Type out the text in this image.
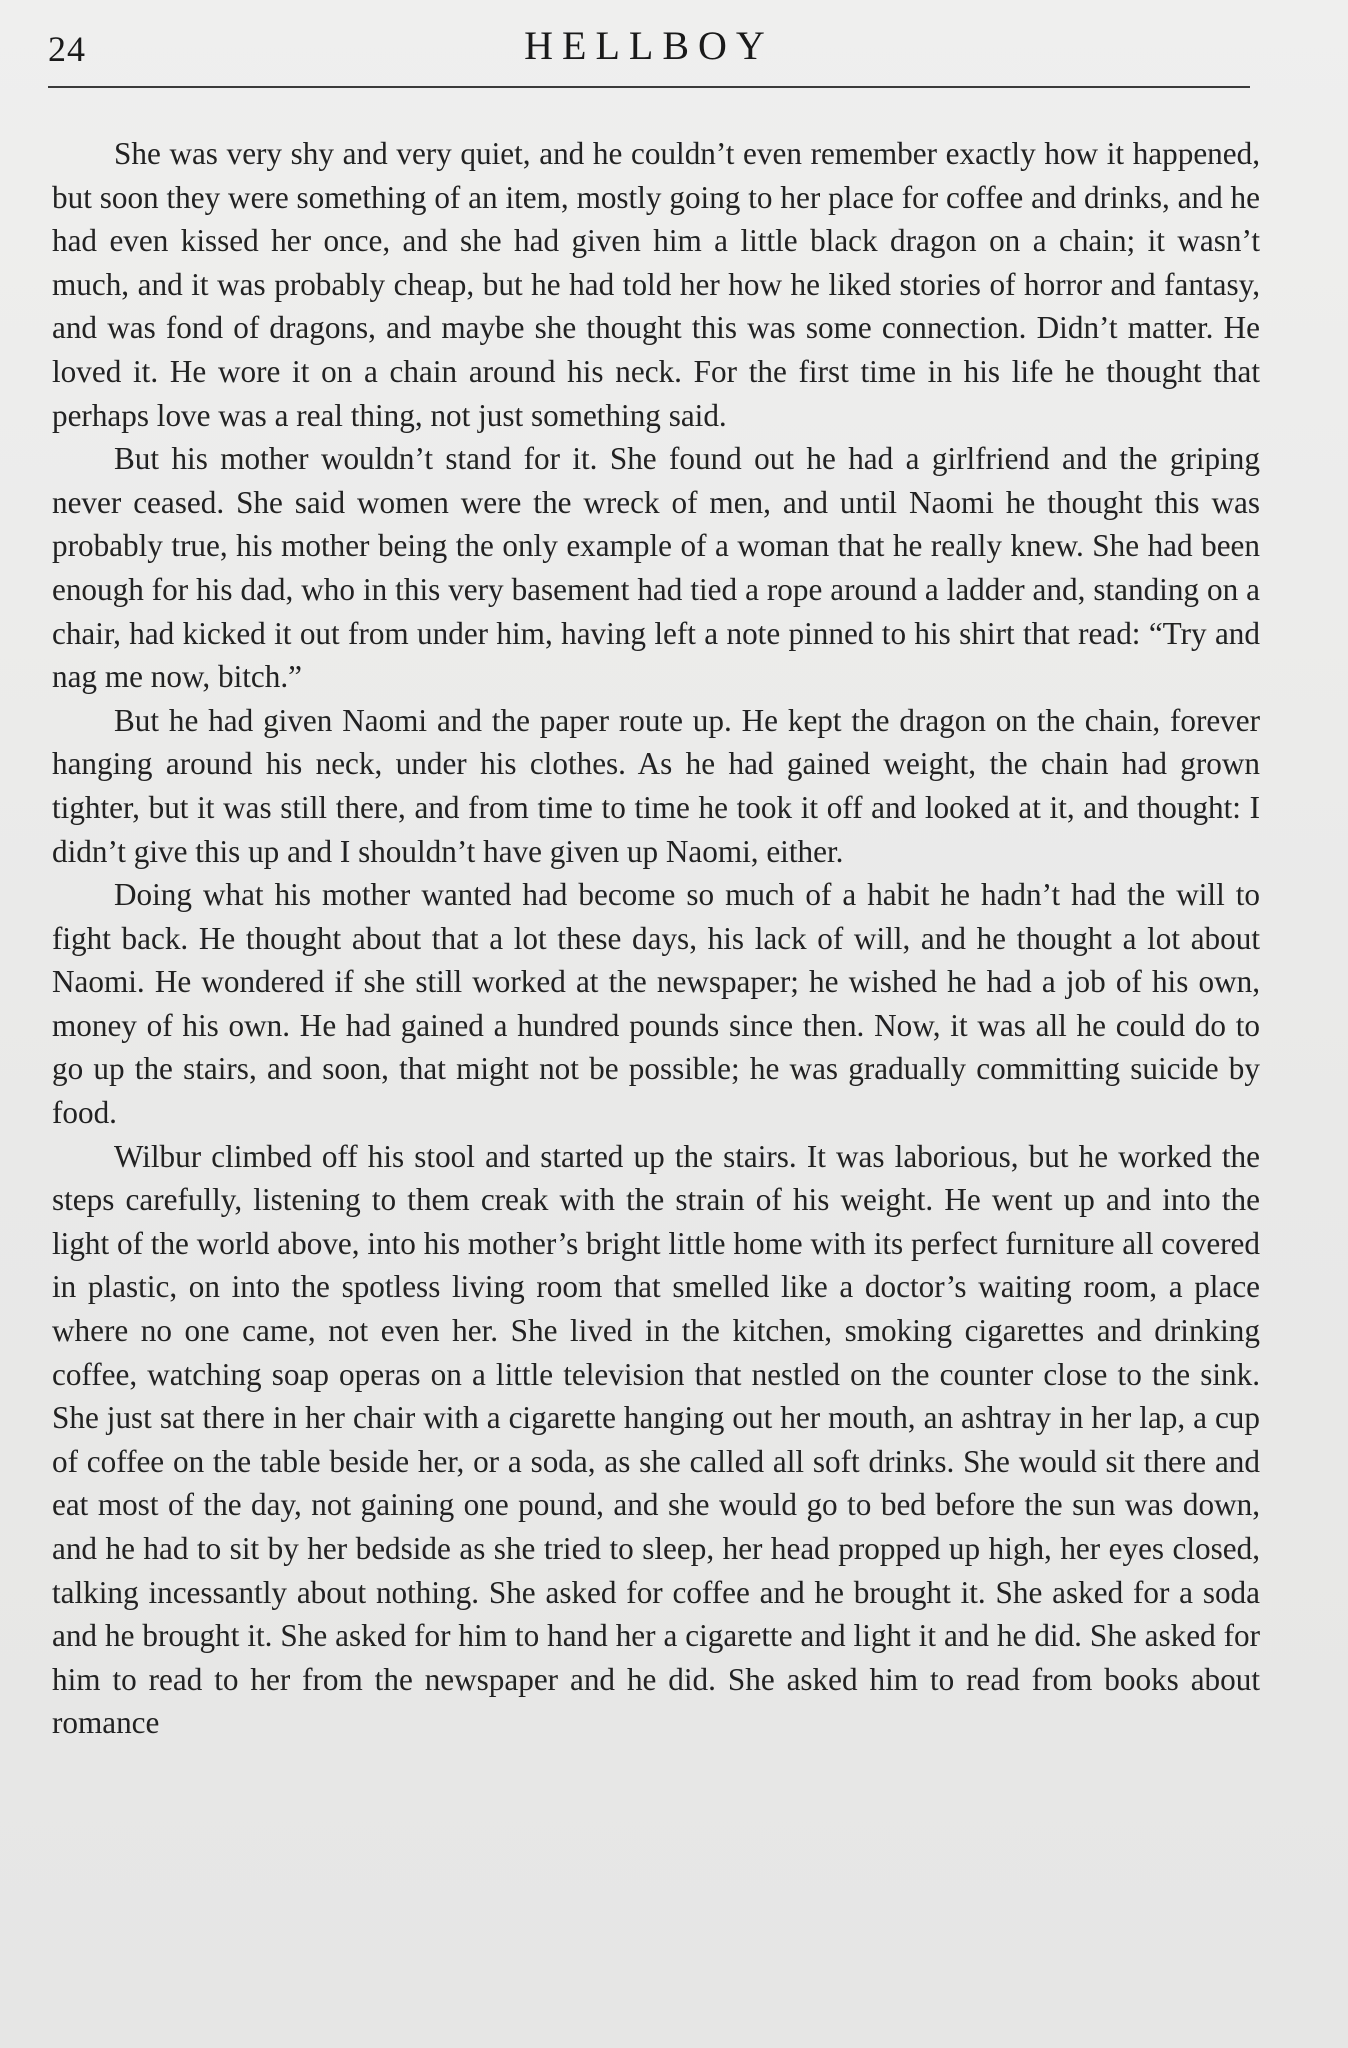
24	HELLBOY

She was very shy and very quiet, and he couldn’t even remember exactly how it happened, but soon they were something of an item, mostly going to her place for coffee and drinks, and he had even kissed her once, and she had given him a little black dragon on a chain; it wasn’t much, and it was probably cheap, but he had told her how he liked stories of horror and fantasy, and was fond of dragons, and maybe she thought this was some connection. Didn’t matter. He loved it. He wore it on a chain around his neck. For the first time in his life he thought that perhaps love was a real thing, not just something said.

But his mother wouldn’t stand for it. She found out he had a girlfriend and the griping never ceased. She said women were the wreck of men, and until Naomi he thought this was probably true, his mother being the only example of a woman that he really knew. She had been enough for his dad, who in this very basement had tied a rope around a ladder and, standing on a chair, had kicked it out from under him, having left a note pinned to his shirt that read: “Try and nag me now, bitch.”

But he had given Naomi and the paper route up. He kept the dragon on the chain, forever hanging around his neck, under his clothes. As he had gained weight, the chain had grown tighter, but it was still there, and from time to time he took it off and looked at it, and thought: I didn’t give this up and I shouldn’t have given up Naomi, either.

Doing what his mother wanted had become so much of a habit he hadn’t had the will to fight back. He thought about that a lot these days, his lack of will, and he thought a lot about Naomi. He wondered if she still worked at the newspaper; he wished he had a job of his own, money of his own. He had gained a hundred pounds since then. Now, it was all he could do to go up the stairs, and soon, that might not be possible; he was gradually committing suicide by food.

Wilbur climbed off his stool and started up the stairs. It was laborious, but he worked the steps carefully, listening to them creak with the strain of his weight. He went up and into the light of the world above, into his mother’s bright little home with its perfect furniture all covered in plastic, on into the spotless living room that smelled like a doctor’s waiting room, a place where no one came, not even her. She lived in the kitchen, smoking cigarettes and drinking coffee, watching soap operas on a little television that nestled on the counter close to the sink. She just sat there in her chair with a cigarette hanging out her mouth, an ashtray in her lap, a cup of coffee on the table beside her, or a soda, as she called all soft drinks. She would sit there and eat most of the day, not gaining one pound, and she would go to bed before the sun was down, and he had to sit by her bedside as she tried to sleep, her head propped up high, her eyes closed, talking incessantly about nothing. She asked for coffee and he brought it. She asked for a soda and he brought it. She asked for him to hand her a cigarette and light it and he did. She asked for him to read to her from the newspaper and he did. She asked him to read from books about romance
